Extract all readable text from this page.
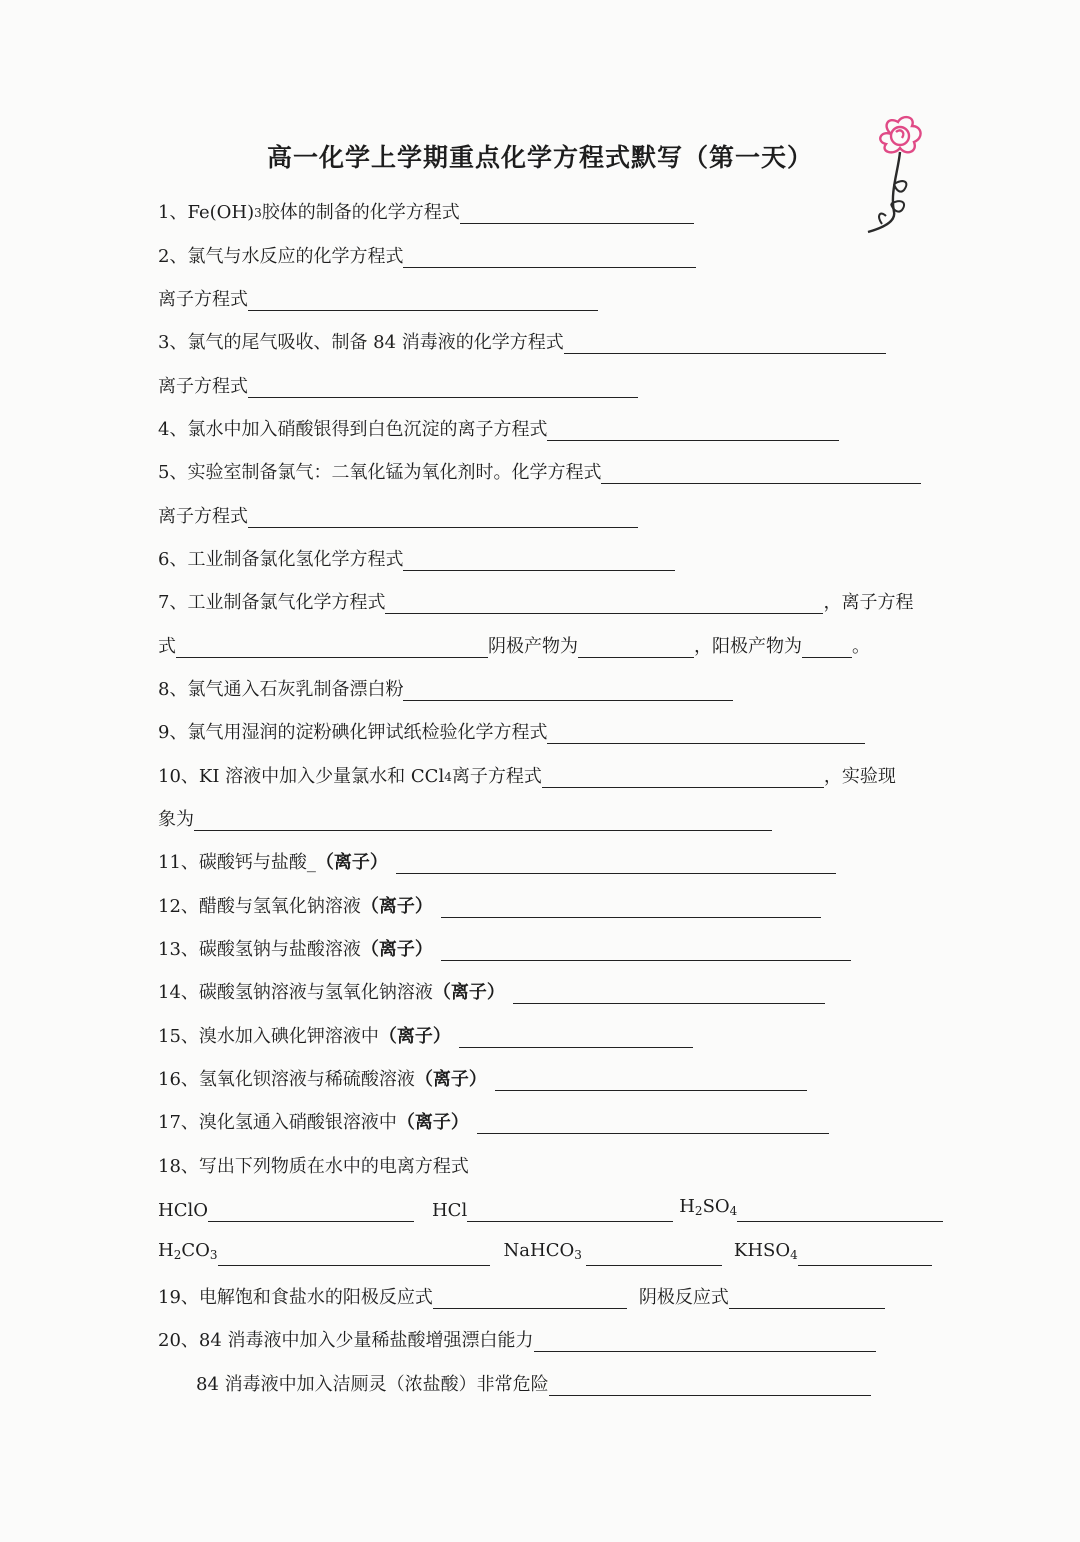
高一化学上学期重点化学方程式默写（第一天）
1、 Fe(OH) 3 胶体的制备的化学方程式
2、氯气与水反应的化学方程式
离子方程式
3、氯气的尾气吸收、制备 84 消毒液的化学方程式
离子方程式
4、氯水中加入硝酸银得到白色沉淀的离子方程式
5、实验室制备氯气：二氧化锰为氧化剂时。化学方程式
离子方程式
6、工业制备氯化氢化学方程式
7、工业制备氯气化学方程式	，离子方程
式	阴极产物为	，阳极产物为	。
8、氯气通入石灰乳制备漂白粉
9、氯气用湿润的淀粉碘化钾试纸检验化学方程式
10、KI 溶液中加入少量氯水和 CCl 4 离子方程式	，实验现
象为
11、碳酸钙与盐酸_ （离子）
12、醋酸与氢氧化钠溶液 （离子）
13、碳酸氢钠与盐酸溶液 （离子）
14、碳酸氢钠溶液与氢氧化钠溶液 （离子）
15、溴水加入碘化钾溶液中 （离子）
16、氢氧化钡溶液与稀硫酸溶液 （离子）
17、溴化氢通入硝酸银溶液中 （离子）
18、写出下列物质在水中的电离方程式
HClO	HCl	$H_2SO_4$
$H_2CO_3$	NaHCO$_3$	$KHSO_4$
19、电解饱和食盐水的阳极反应式	阴极反应式
20、84 消毒液中加入少量稀盐酸增强漂白能力
84 消毒液中加入洁厕灵（浓盐酸）非常危险
